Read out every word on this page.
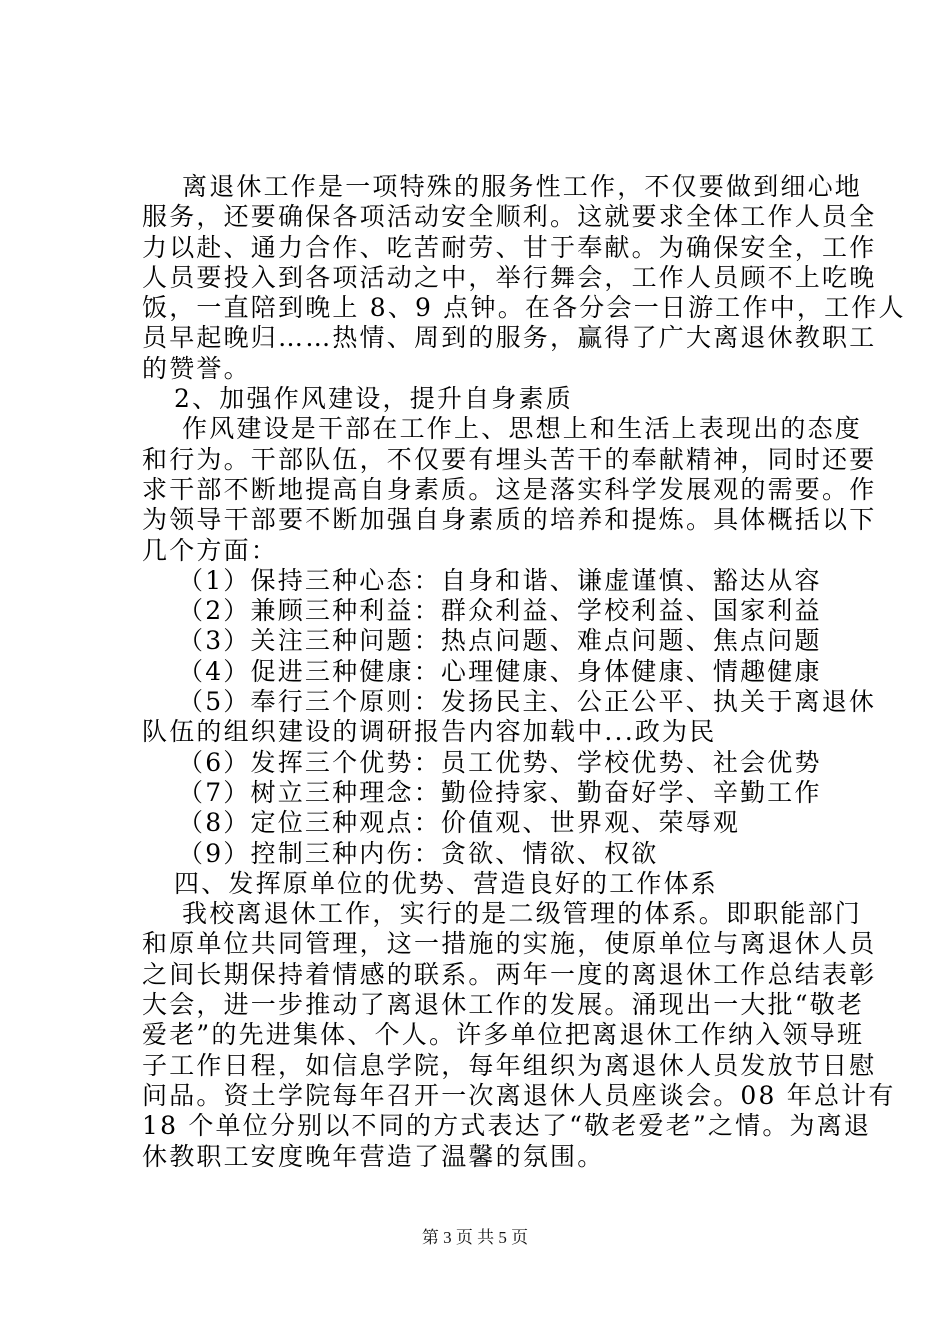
离退休工作是一项特殊的服务性工作，不仅要做到细心地
服务，还要确保各项活动安全顺利。这就要求全体工作人员全
力以赴、通力合作、吃苦耐劳、甘于奉献。为确保安全，工作
人员要投入到各项活动之中，举行舞会，工作人员顾不上吃晚
饭，一直陪到晚上 8、9 点钟。在各分会一日游工作中，工作人
员早起晚归……热情、周到的服务，赢得了广大离退休教职工
的赞誉。
2、加强作风建设，提升自身素质
作风建设是干部在工作上、思想上和生活上表现出的态度
和行为。干部队伍，不仅要有埋头苦干的奉献精神，同时还要
求干部不断地提高自身素质。这是落实科学发展观的需要。作
为领导干部要不断加强自身素质的培养和提炼。具体概括以下
几个方面：
（1）保持三种心态：自身和谐、谦虚谨慎、豁达从容
（2）兼顾三种利益：群众利益、学校利益、国家利益
（3）关注三种问题：热点问题、难点问题、焦点问题
（4）促进三种健康：心理健康、身体健康、情趣健康
（5）奉行三个原则：发扬民主、公正公平、执关于离退休
队伍的组织建设的调研报告内容加载中...政为民
（6）发挥三个优势：员工优势、学校优势、社会优势
（7）树立三种理念：勤俭持家、勤奋好学、辛勤工作
（8）定位三种观点：价值观、世界观、荣辱观
（9）控制三种内伤：贪欲、情欲、权欲
四、发挥原单位的优势、营造良好的工作体系
我校离退休工作，实行的是二级管理的体系。即职能部门
和原单位共同管理，这一措施的实施，使原单位与离退休人员
之间长期保持着情感的联系。两年一度的离退休工作总结表彰
大会，进一步推动了离退休工作的发展。涌现出一大批“敬老
爱老”的先进集体、个人。许多单位把离退休工作纳入领导班
子工作日程，如信息学院，每年组织为离退休人员发放节日慰
问品。资土学院每年召开一次离退休人员座谈会。08 年总计有
18 个单位分别以不同的方式表达了“敬老爱老”之情。为离退
休教职工安度晚年营造了温馨的氛围。
第 3 页 共 5 页
